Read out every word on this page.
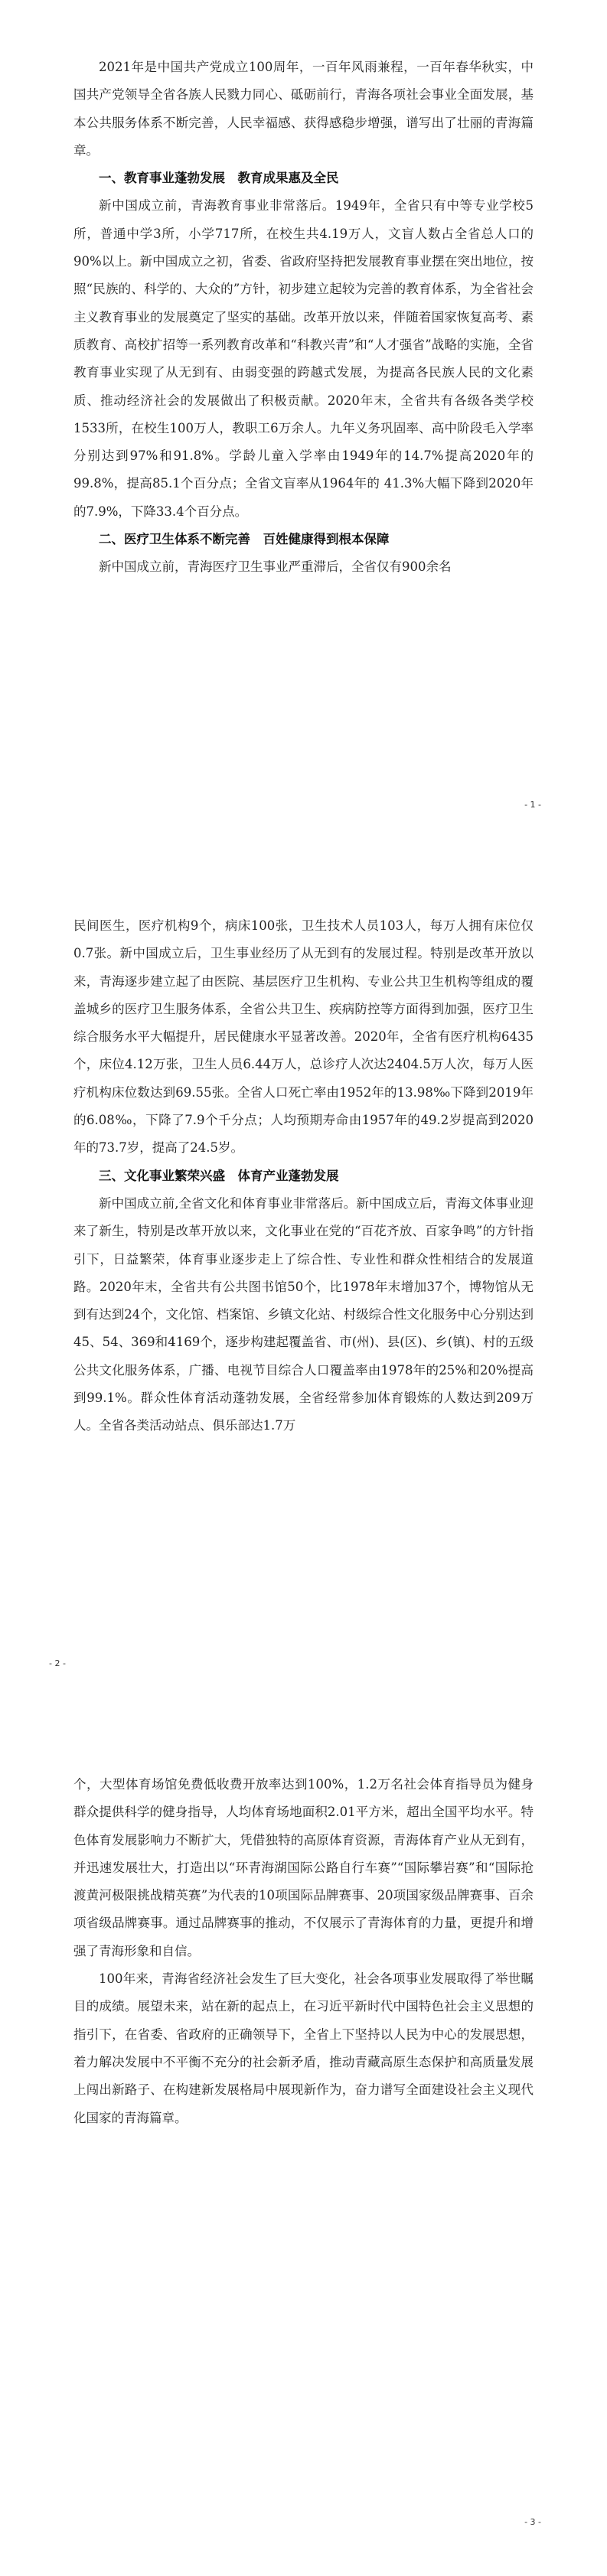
2021年是中国共产党成立100周年，一百年风雨兼程，一百年春华秋实，中国共产党领导全省各族人民戮力同心、砥砺前行，青海各项社会事业全面发展，基本公共服务体系不断完善，人民幸福感、获得感稳步增强，谱写出了壮丽的青海篇章。

一、教育事业蓬勃发展　教育成果惠及全民

新中国成立前，青海教育事业非常落后。1949年，全省只有中等专业学校5所，普通中学3所，小学717所，在校生共4.19万人，文盲人数占全省总人口的90%以上。新中国成立之初，省委、省政府坚持把发展教育事业摆在突出地位，按照“民族的、科学的、大众的”方针，初步建立起较为完善的教育体系，为全省社会主义教育事业的发展奠定了坚实的基础。改革开放以来，伴随着国家恢复高考、素质教育、高校扩招等一系列教育改革和“科教兴青”和“人才强省”战略的实施，全省教育事业实现了从无到有、由弱变强的跨越式发展，为提高各民族人民的文化素质、推动经济社会的发展做出了积极贡献。2020年末，全省共有各级各类学校1533所，在校生100万人，教职工6万余人。九年义务巩固率、高中阶段毛入学率分别达到97%和91.8%。学龄儿童入学率由1949年的14.7%提高2020年的99.8%，提高85.1个百分点；全省文盲率从1964年的 41.3%大幅下降到2020年的7.9%，下降33.4个百分点。

二、医疗卫生体系不断完善　百姓健康得到根本保障

新中国成立前，青海医疗卫生事业严重滞后，全省仅有900余名

- 1 -

民间医生，医疗机构9个，病床100张，卫生技术人员103人，每万人拥有床位仅0.7张。新中国成立后，卫生事业经历了从无到有的发展过程。特别是改革开放以来，青海逐步建立起了由医院、基层医疗卫生机构、专业公共卫生机构等组成的覆盖城乡的医疗卫生服务体系，全省公共卫生、疾病防控等方面得到加强，医疗卫生综合服务水平大幅提升，居民健康水平显著改善。2020年，全省有医疗机构6435个，床位4.12万张，卫生人员6.44万人，总诊疗人次达2404.5万人次，每万人医疗机构床位数达到69.55张。全省人口死亡率由1952年的13.98‰下降到2019年的6.08‰，下降了7.9个千分点；人均预期寿命由1957年的49.2岁提高到2020年的73.7岁，提高了24.5岁。

三、文化事业繁荣兴盛　体育产业蓬勃发展

新中国成立前,全省文化和体育事业非常落后。新中国成立后，青海文体事业迎来了新生，特别是改革开放以来，文化事业在党的“百花齐放、百家争鸣”的方针指引下，日益繁荣，体育事业逐步走上了综合性、专业性和群众性相结合的发展道路。2020年末，全省共有公共图书馆50个，比1978年末增加37个，博物馆从无到有达到24个，文化馆、档案馆、乡镇文化站、村级综合性文化服务中心分别达到45、54、369和4169个，逐步构建起覆盖省、市(州)、县(区)、乡(镇)、村的五级公共文化服务体系，广播、电视节目综合人口覆盖率由1978年的25%和20%提高到99.1%。群众性体育活动蓬勃发展，全省经常参加体育锻炼的人数达到209万人。全省各类活动站点、俱乐部达1.7万

- 2 -

个，大型体育场馆免费低收费开放率达到100%，1.2万名社会体育指导员为健身群众提供科学的健身指导，人均体育场地面积2.01平方米，超出全国平均水平。特色体育发展影响力不断扩大，凭借独特的高原体育资源，青海体育产业从无到有，并迅速发展壮大，打造出以“环青海湖国际公路自行车赛”“国际攀岩赛”和“国际抢渡黄河极限挑战精英赛”为代表的10项国际品牌赛事、20项国家级品牌赛事、百余项省级品牌赛事。通过品牌赛事的推动，不仅展示了青海体育的力量，更提升和增强了青海形象和自信。

100年来，青海省经济社会发生了巨大变化，社会各项事业发展取得了举世瞩目的成绩。展望未来，站在新的起点上，在习近平新时代中国特色社会主义思想的指引下，在省委、省政府的正确领导下，全省上下坚持以人民为中心的发展思想，着力解决发展中不平衡不充分的社会新矛盾，推动青藏高原生态保护和高质量发展上闯出新路子、在构建新发展格局中展现新作为，奋力谱写全面建设社会主义现代化国家的青海篇章。

- 3 -
